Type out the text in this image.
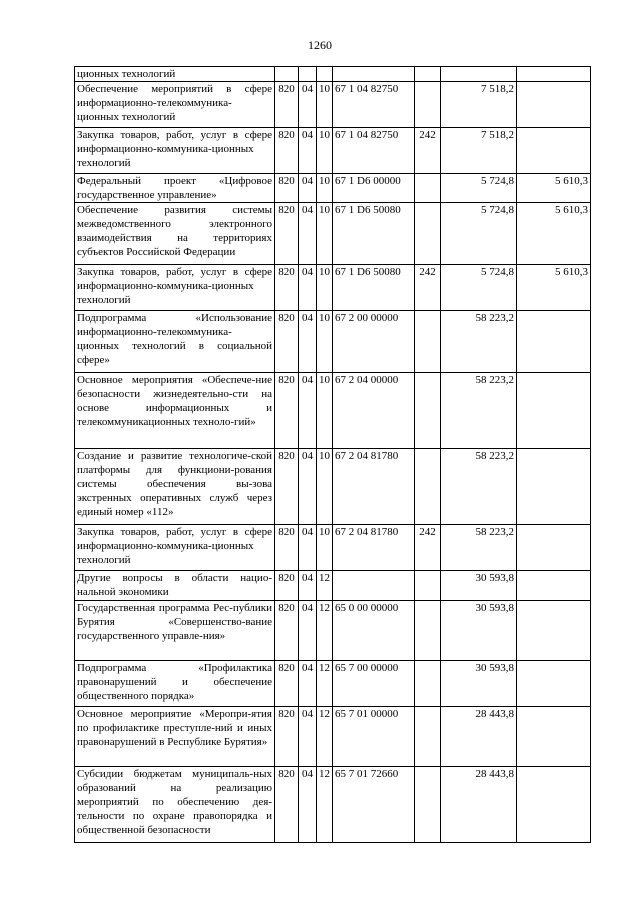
1260
ционных технологий							
Обеспечение мероприятий в сфере информационно-телекоммуника-ционных технологий	820	04	10	67 1 04 82750		7 518,2	
Закупка товаров, работ, услуг в сфере информационно-коммуника-ционных технологий	820	04	10	67 1 04 82750	242	7 518,2	
Федеральный проект «Цифровое государственное управление»	820	04	10	67 1 D6 00000		5 724,8	5 610,3
Обеспечение развития системы межведомственного электронного взаимодействия на территориях субъектов Российской Федерации	820	04	10	67 1 D6 50080		5 724,8	5 610,3
Закупка товаров, работ, услуг в сфере информационно-коммуника-ционных технологий	820	04	10	67 1 D6 50080	242	5 724,8	5 610,3
Подпрограмма «Использование информационно-телекоммуника-ционных технологий в социальной сфере»	820	04	10	67 2 00 00000		58 223,2	
Основное мероприятия «Обеспече-ние безопасности жизнедеятельно-сти на основе информационных и телекоммуникационных техноло-гий»	820	04	10	67 2 04 00000		58 223,2	
Создание и развитие технологиче-ской платформы для функциони-рования системы обеспечения вы-зова экстренных оперативных служб через единый номер «112»	820	04	10	67 2 04 81780		58 223,2	
Закупка товаров, работ, услуг в сфере информационно-коммуника-ционных технологий	820	04	10	67 2 04 81780	242	58 223,2	
Другие вопросы в области нацио-нальной экономики	820	04	12			30 593,8	
Государственная программа Рес-публики Бурятия «Совершенство-вание государственного управле-ния»	820	04	12	65 0 00 00000		30 593,8	
Подпрограмма «Профилактика правонарушений и обеспечение общественного порядка»	820	04	12	65 7 00 00000		30 593,8	
Основное мероприятие «Меропри-ятия по профилактике преступле-ний и иных правонарушений в Республике Бурятия»	820	04	12	65 7 01 00000		28 443,8	
Субсидии бюджетам муниципаль-ных образований на реализацию мероприятий по обеспечению дея-тельности по охране правопорядка и общественной безопасности	820	04	12	65 7 01 72660		28 443,8	
